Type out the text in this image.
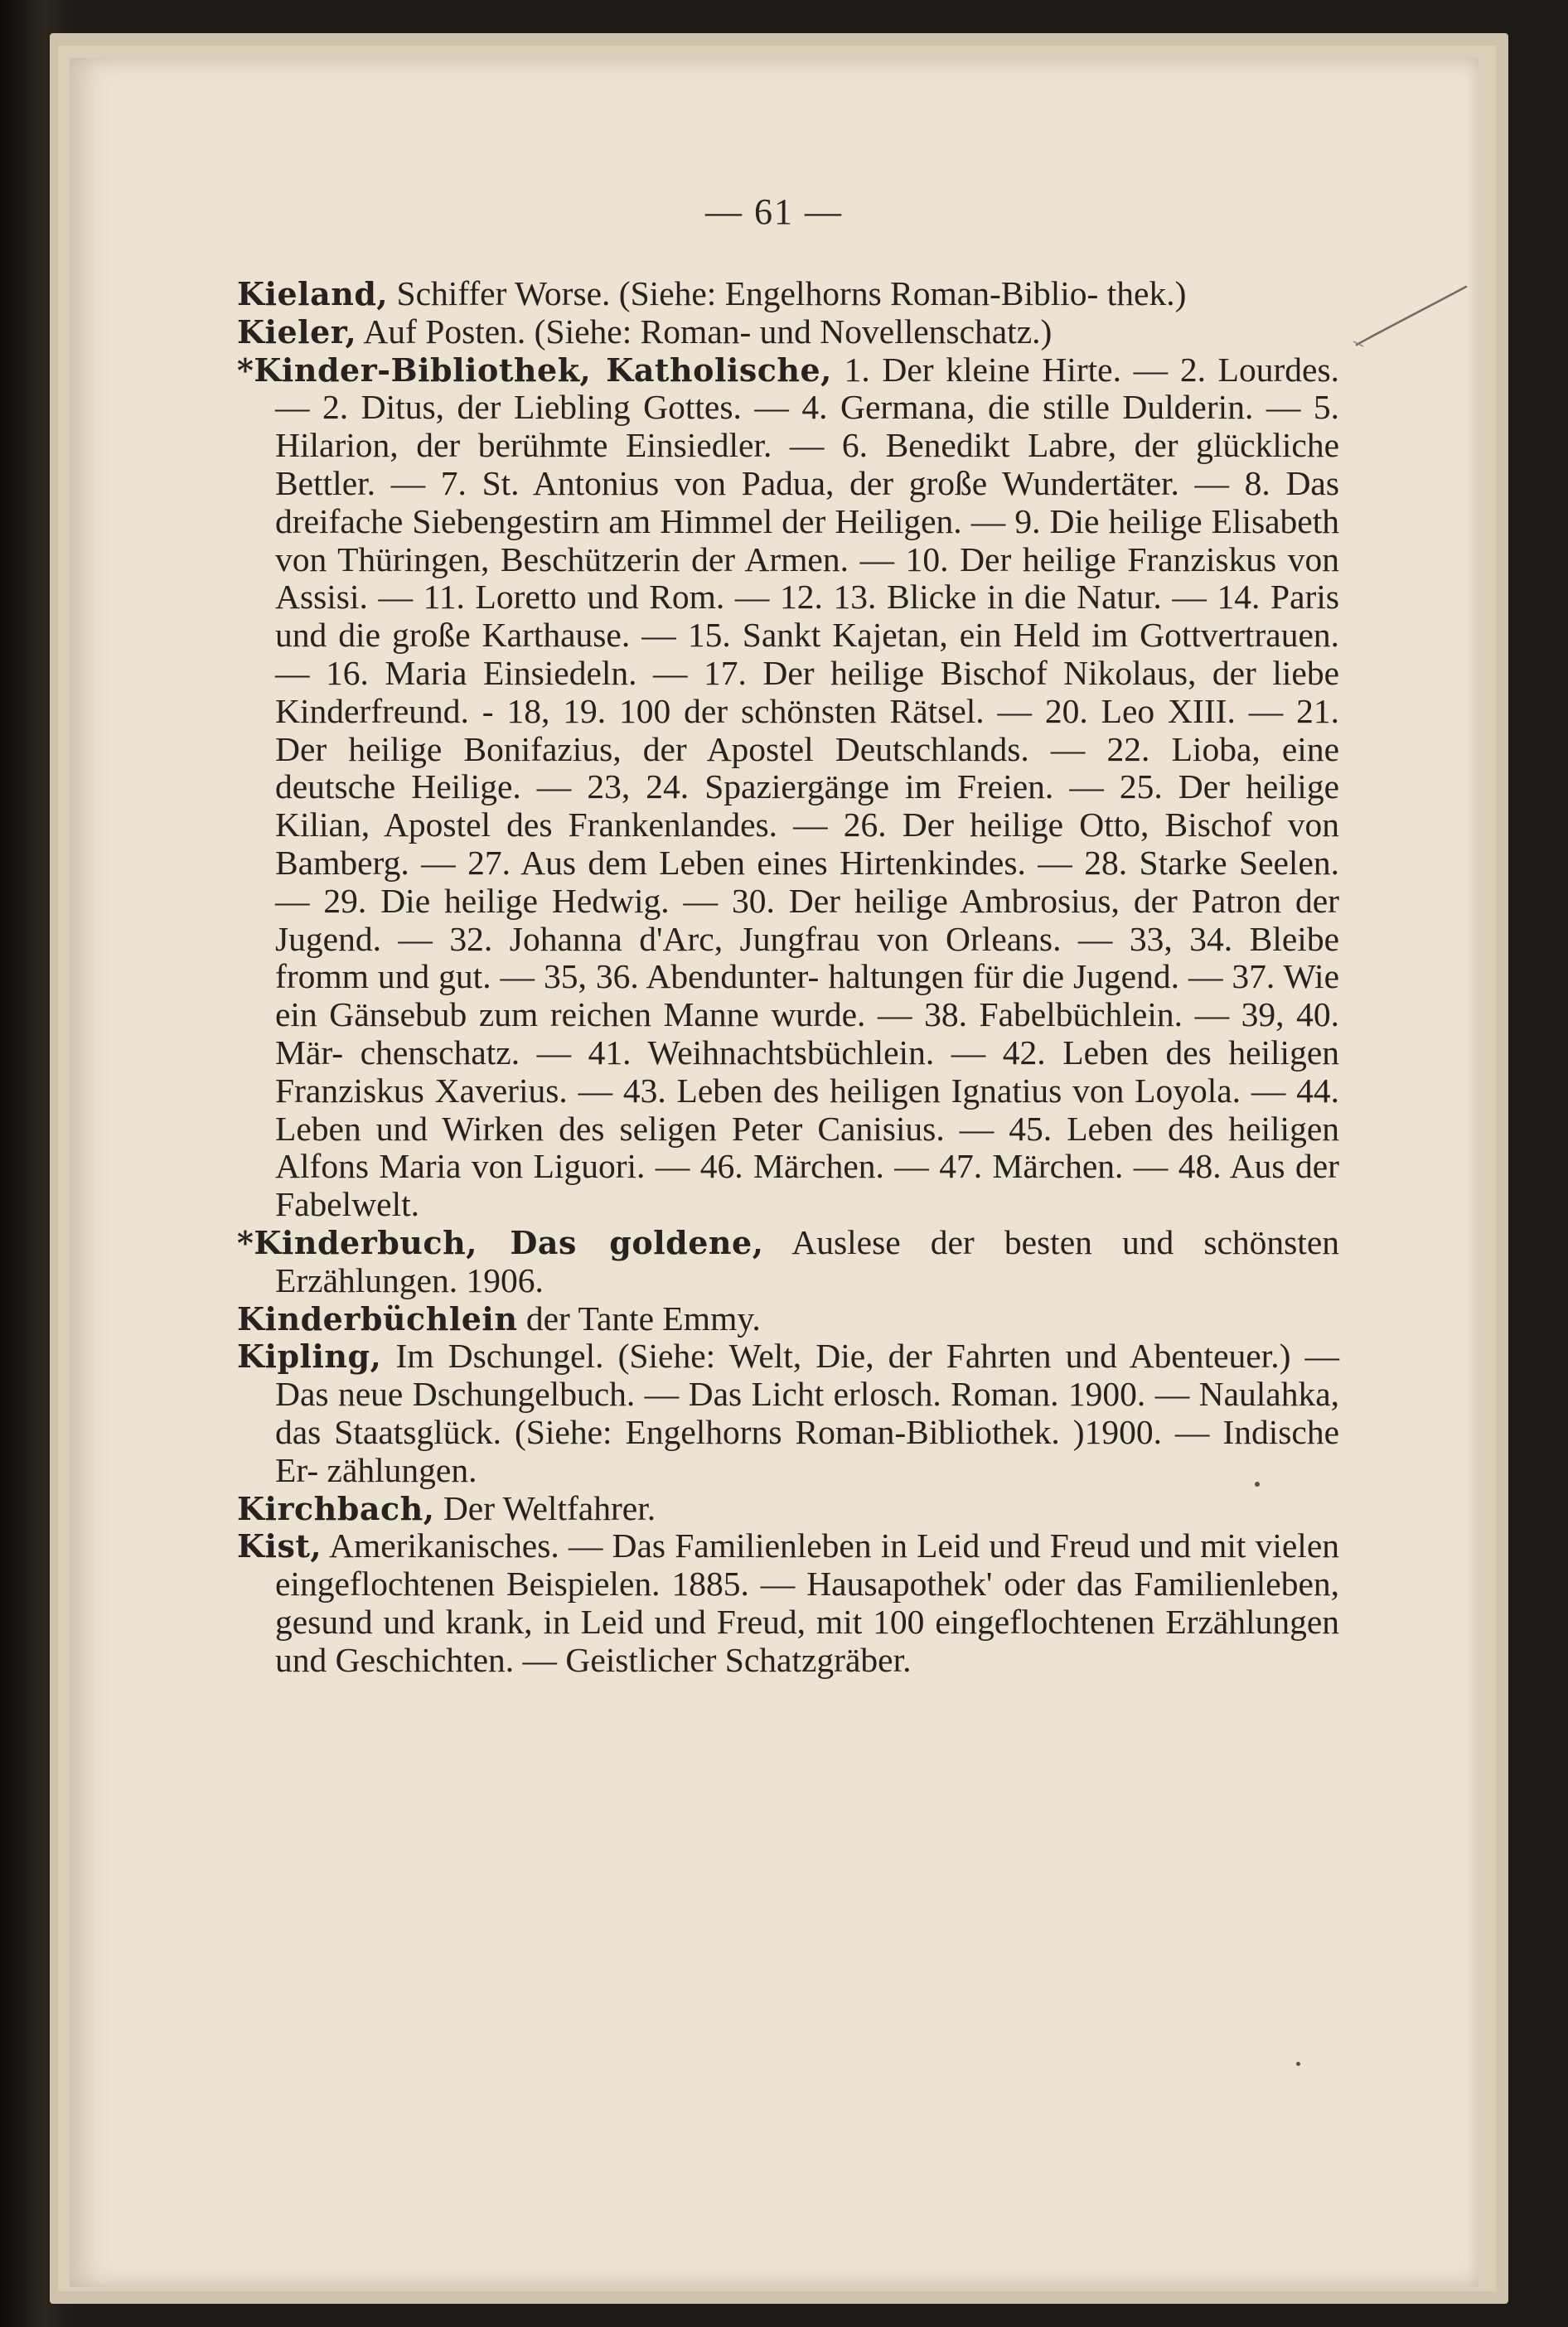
— 61 —
Kieland, Schiffer Worse. (Siehe: Engelhorns Roman-Biblio- thek.)
Kieler, Auf Posten. (Siehe: Roman- und Novellenschatz.)
*Kinder-Bibliothek, Katholische, 1. Der kleine Hirte. — 2. Lourdes. — 2. Ditus, der Liebling Gottes. — 4. Germana, die stille Dulderin. — 5. Hilarion, der berühmte Einsiedler. — 6. Benedikt Labre, der glückliche Bettler. — 7. St. Antonius von Padua, der große Wundertäter. — 8. Das dreifache Siebengestirn am Himmel der Heiligen. — 9. Die heilige Elisabeth von Thüringen, Beschützerin der Armen. — 10. Der heilige Franziskus von Assisi. — 11. Loretto und Rom. — 12. 13. Blicke in die Natur. — 14. Paris und die große Karthause. — 15. Sankt Kajetan, ein Held im Gottvertrauen. — 16. Maria Einsiedeln. — 17. Der heilige Bischof Nikolaus, der liebe Kinderfreund. - 18, 19. 100 der schönsten Rätsel. — 20. Leo XIII. — 21. Der heilige Bonifazius, der Apostel Deutschlands. — 22. Lioba, eine deutsche Heilige. — 23, 24. Spaziergänge im Freien. — 25. Der heilige Kilian, Apostel des Frankenlandes. — 26. Der heilige Otto, Bischof von Bamberg. — 27. Aus dem Leben eines Hirtenkindes. — 28. Starke Seelen. — 29. Die heilige Hedwig. — 30. Der heilige Ambrosius, der Patron der Jugend. — 32. Johanna d'Arc, Jungfrau von Orleans. — 33, 34. Bleibe fromm und gut. — 35, 36. Abendunter- haltungen für die Jugend. — 37. Wie ein Gänsebub zum reichen Manne wurde. — 38. Fabelbüchlein. — 39, 40. Mär- chenschatz. — 41. Weihnachtsbüchlein. — 42. Leben des heiligen Franziskus Xaverius. — 43. Leben des heiligen Ignatius von Loyola. — 44. Leben und Wirken des seligen Peter Canisius. — 45. Leben des heiligen Alfons Maria von Liguori. — 46. Märchen. — 47. Märchen. — 48. Aus der Fabelwelt.
*Kinderbuch, Das goldene, Auslese der besten und schönsten Erzählungen. 1906.
Kinderbüchlein der Tante Emmy.
Kipling, Im Dschungel. (Siehe: Welt, Die, der Fahrten und Abenteuer.) — Das neue Dschungelbuch. — Das Licht erlosch. Roman. 1900. — Naulahka, das Staatsglück. (Siehe: Engelhorns Roman-Bibliothek. )1900. — Indische Er- zählungen.
Kirchbach, Der Weltfahrer.
Kist, Amerikanisches. — Das Familienleben in Leid und Freud und mit vielen eingeflochtenen Beispielen. 1885. — Hausapothek' oder das Familienleben, gesund und krank, in Leid und Freud, mit 100 eingeflochtenen Erzählungen und Geschichten. — Geistlicher Schatzgräber.
